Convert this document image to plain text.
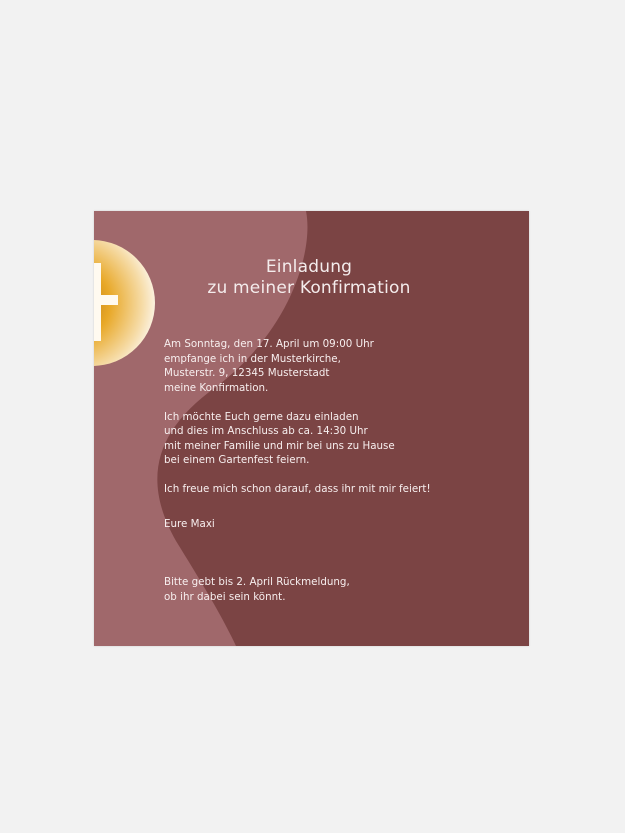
Einladung
zu meiner Konfirmation
Am Sonntag, den 17. April um 09:00 Uhr
empfange ich in der Musterkirche,
Musterstr. 9, 12345 Musterstadt
meine Konfirmation.
Ich möchte Euch gerne dazu einladen
und dies im Anschluss ab ca. 14:30 Uhr
mit meiner Familie und mir bei uns zu Hause
bei einem Gartenfest feiern.
Ich freue mich schon darauf, dass ihr mit mir feiert!
Eure Maxi
Bitte gebt bis 2. April Rückmeldung,
ob ihr dabei sein könnt.
